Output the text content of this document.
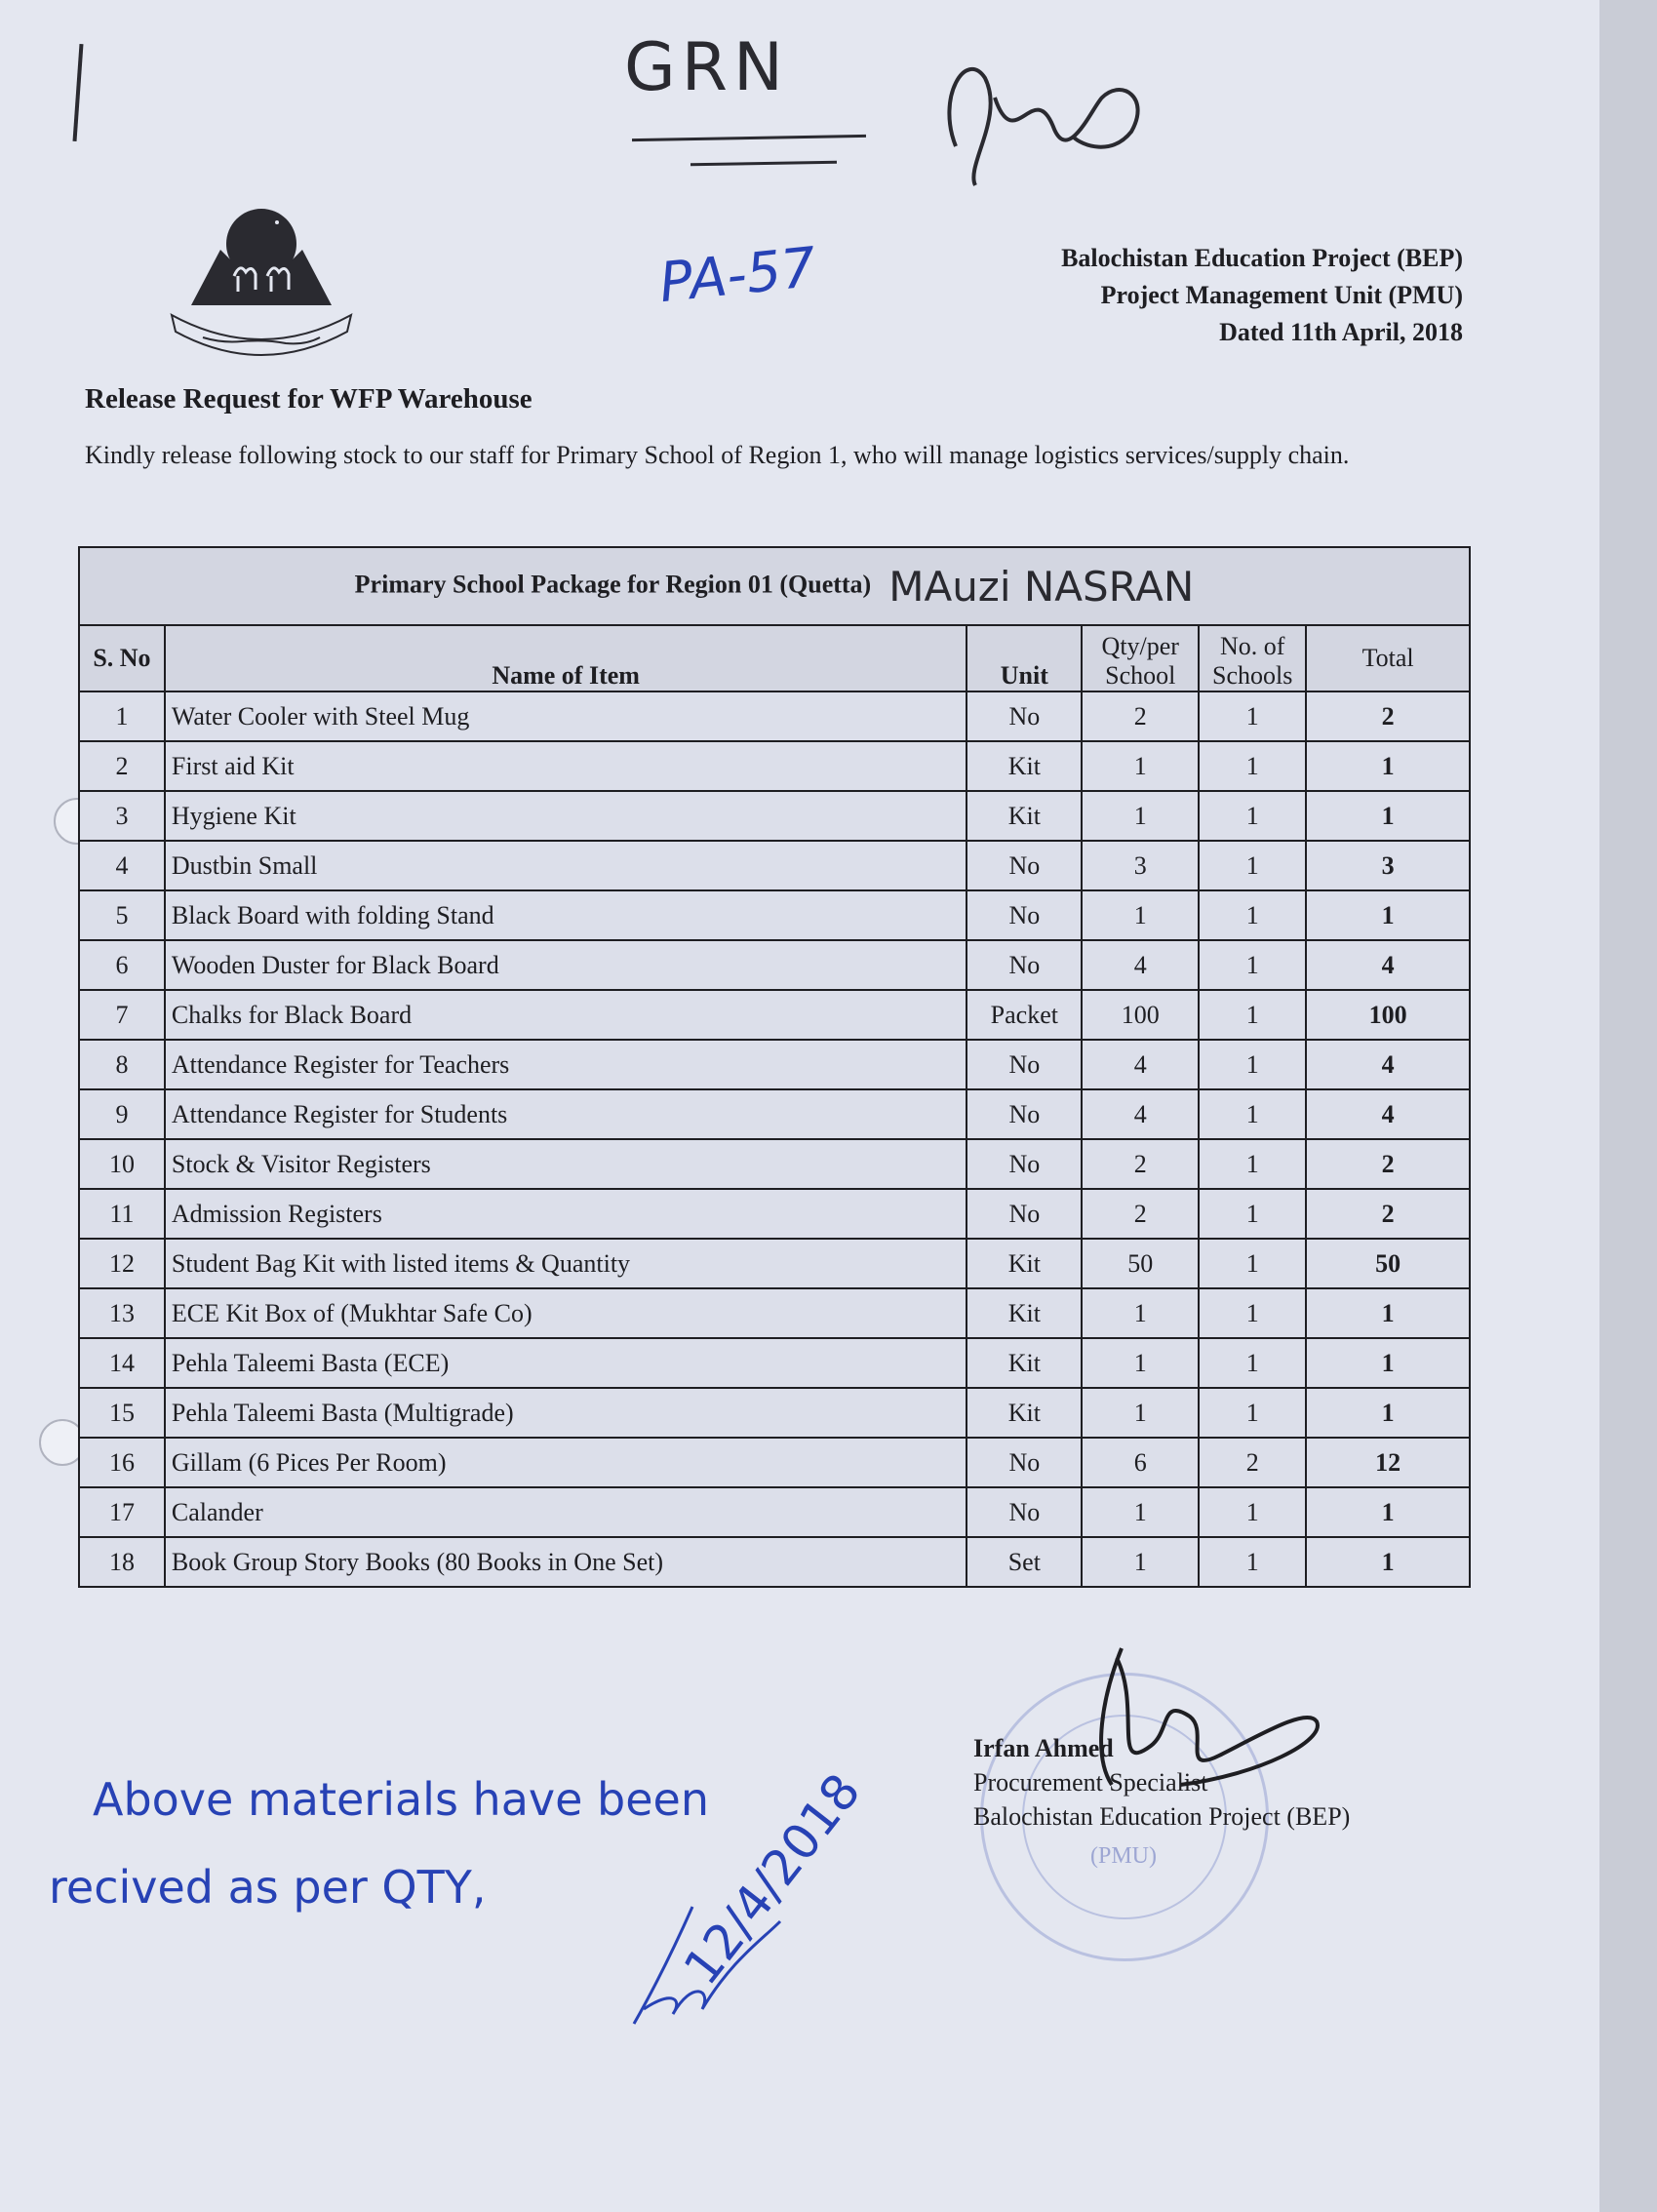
GRN
PA-57	Balochistan Education Project (BEP)
Project Management Unit (PMU)
Dated 11th April, 2018
Release Request for WFP Warehouse
Kindly release following stock to our staff for Primary School of Region 1, who will manage logistics services/supply chain.
Primary School Package for Region 01 (Quetta) MAuzi NASRAN					
S. No	Name of Item	Unit	Qty/per School	No. of Schools	Total
1	Water Cooler with Steel Mug	No	2	1	2
2	First aid Kit	Kit	1	1	1
3	Hygiene Kit	Kit	1	1	1
4	Dustbin Small	No	3	1	3
5	Black Board with folding Stand	No	1	1	1
6	Wooden Duster for Black Board	No	4	1	4
7	Chalks for Black Board	Packet	100	1	100
8	Attendance Register for Teachers	No	4	1	4
9	Attendance Register for Students	No	4	1	4
10	Stock & Visitor Registers	No	2	1	2
11	Admission Registers	No	2	1	2
12	Student Bag Kit with listed items & Quantity	Kit	50	1	50
13	ECE Kit Box of (Mukhtar Safe Co)	Kit	1	1	1
14	Pehla Taleemi Basta (ECE)	Kit	1	1	1
15	Pehla Taleemi Basta (Multigrade)	Kit	1	1	1
16	Gillam (6 Pices Per Room)	No	6	2	12
17	Calander	No	1	1	1
18	Book Group Story Books (80 Books in One Set)	Set	1	1	1
(PMU)
Irfan Ahmed
Procurement Specialist
Balochistan Education Project (BEP)
Above materials have been
recived as per QTY,	12/4/2018
